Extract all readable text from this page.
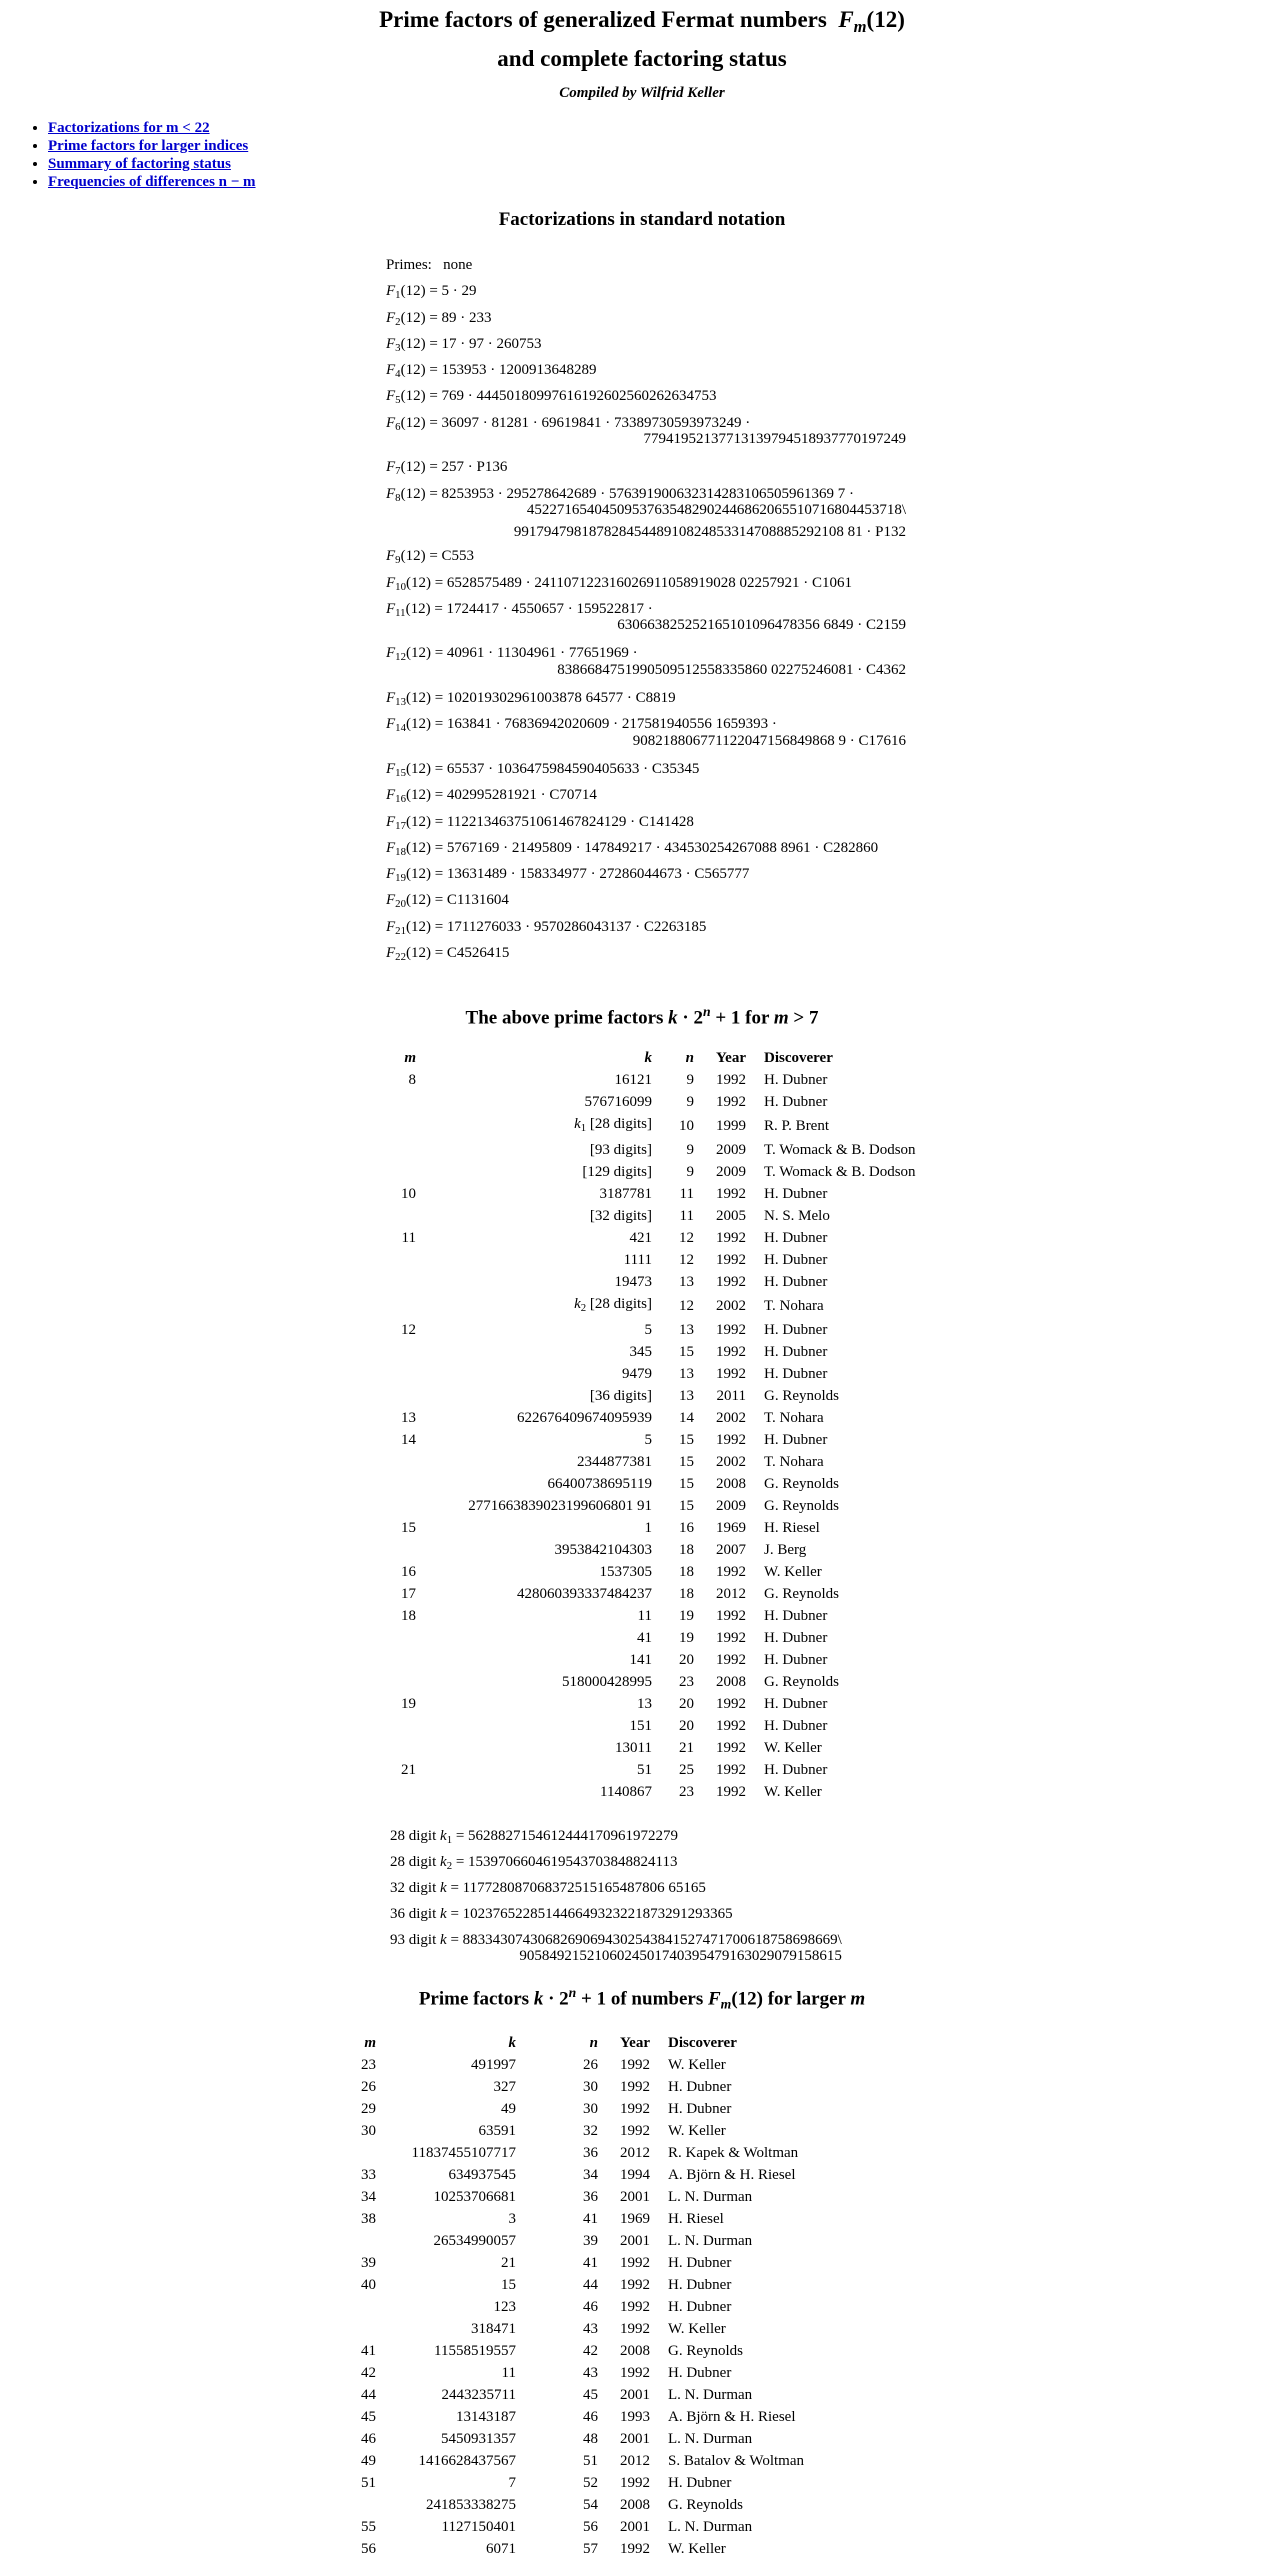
Prime factors of generalized Fermat numbers $F_m(12)$
and complete factoring status
Compiled by Wilfrid Keller
• Factorizations for m < 22
• Prime factors for larger indices
• Summary of factoring status
• Frequencies of differences n − m
Factorizations in standard notation
Primes: none
$F_1(12) = 5 \cdot 29$
$F_2(12) = 89 \cdot 233$
$F_3(12) = 17 \cdot 97 \cdot 260753$
$F_4(12) = 153953 \cdot 1200913648289$
$F_5(12) = 769 \cdot 44450180997616192602560262634753$
$F_6(12) = 36097 \cdot 81281 \cdot 69619841 \cdot 73389730593973249$ ·
7794195213771313979451893777019724​9
$F_7(12) = 257 \cdot P136$
$F_8(12) = 8253953 \cdot 295278642689 \cdot 576391900632314283106505961369$ 7 ·
45227165404509537635482902446862065510716804453718\
99179479818782845448910824853314708885292108 81 · P132
$F_9(12) = C553$
$F_{10}(12) = 6528575489 \cdot 241107122316026911058919028$ 02257921 · C1061
$F_{11}(12) = 1724417 \cdot 4550657 \cdot 159522817$ ·
630663825252165101096478356 6849 · C2159
$F_{12}(12) = 40961 \cdot 11304961 \cdot 77651969$ ·
8386684751990509512558335860 02275246081 · C4362
$F_{13}(12) = 102019302961003878$ 64577 · C8819
$F_{14}(12) = 163841 \cdot 76836942020609 \cdot 217581940556$ 1659393 ·
908218806771122047156849868 9 · C17616
$F_{15}(12) = 65537 \cdot 1036475984590405633 \cdot C35345$
$F_{16}(12) = 402995281921 \cdot C70714$
$F_{17}(12) = 112213463751061467824129 \cdot C141428$
$F_{18}(12) = 5767169 \cdot 21495809 \cdot 147849217 \cdot 434530254267088$ 8961 · C282860
$F_{19}(12) = 13631489 \cdot 158334977 \cdot 27286044673 \cdot C565777$
$F_{20}(12) = C1131604$
$F_{21}(12) = 1711276033 \cdot 9570286043137 \cdot C2263185$
$F_{22}(12) = C4526415$
The above prime factors $k \cdot 2^n + 1$ for m > 7
m	k	n	Year	Discoverer
8	16121	9	1992	H. Dubner
	576716099	9	1992	H. Dubner
	$k_1$ [28 digits]	10	1999	R. P. Brent
	[93 digits]	9	2009	T. Womack & B. Dodson
	[129 digits]	9	2009	T. Womack & B. Dodson
10	3187781	11	1992	H. Dubner
	[32 digits]	11	2005	N. S. Melo
11	421	12	1992	H. Dubner
	1111	12	1992	H. Dubner
	19473	13	1992	H. Dubner
	$k_2$ [28 digits]	12	2002	T. Nohara
12	5	13	1992	H. Dubner
	345	15	1992	H. Dubner
	9479	13	1992	H. Dubner
	[36 digits]	13	2011	G. Reynolds
13	622676409674095939	14	2002	T. Nohara
14	5	15	1992	H. Dubner
	2344877381	15	2002	T. Nohara
	66400738695119	15	2008	G. Reynolds
	2771663839023199606801 91	15	2009	G. Reynolds
15	1	16	1969	H. Riesel
	3953842104303	18	2007	J. Berg
16	1537305	18	1992	W. Keller
17	428060393337484237	18	2012	G. Reynolds
18	11	19	1992	H. Dubner
	41	19	1992	H. Dubner
	141	20	1992	H. Dubner
	518000428995	23	2008	G. Reynolds
19	13	20	1992	H. Dubner
	151	20	1992	H. Dubner
	13011	21	1992	W. Keller
21	51	25	1992	H. Dubner
	1140867	23	1992	W. Keller
28 digit $k_1 = 5628827154612444170961972279$
28 digit $k_2 = 1539706604619543703848824113$
32 digit k = 117728087068372515165487806 65165
36 digit k = 102376522851446649323221873291293365
93 digit k = 88334307430682690694302543841527471700618758698669\
9058492152106024501740395479163029079158615
Prime factors $k \cdot 2^n + 1$ of numbers $F_m(12)$ for larger m
m	k	n	Year	Discoverer
23	491997	26	1992	W. Keller
26	327	30	1992	H. Dubner
29	49	30	1992	H. Dubner
30	63591	32	1992	W. Keller
	11837455107717	36	2012	R. Kapek & Woltman
33	634937545	34	1994	A. Björn & H. Riesel
34	10253706681	36	2001	L. N. Durman
38	3	41	1969	H. Riesel
	26534990057	39	2001	L. N. Durman
39	21	41	1992	H. Dubner
40	15	44	1992	H. Dubner
	123	46	1992	H. Dubner
	318471	43	1992	W. Keller
41	11558519557	42	2008	G. Reynolds
42	11	43	1992	H. Dubner
44	2443235711	45	2001	L. N. Durman
45	13143187	46	1993	A. Björn & H. Riesel
46	5450931357	48	2001	L. N. Durman
49	1416628437567	51	2012	S. Batalov & Woltman
51	7	52	1992	H. Dubner
	241853338275	54	2008	G. Reynolds
55	1127150401	56	2001	L. N. Durman
56	6071	57	1992	W. Keller
